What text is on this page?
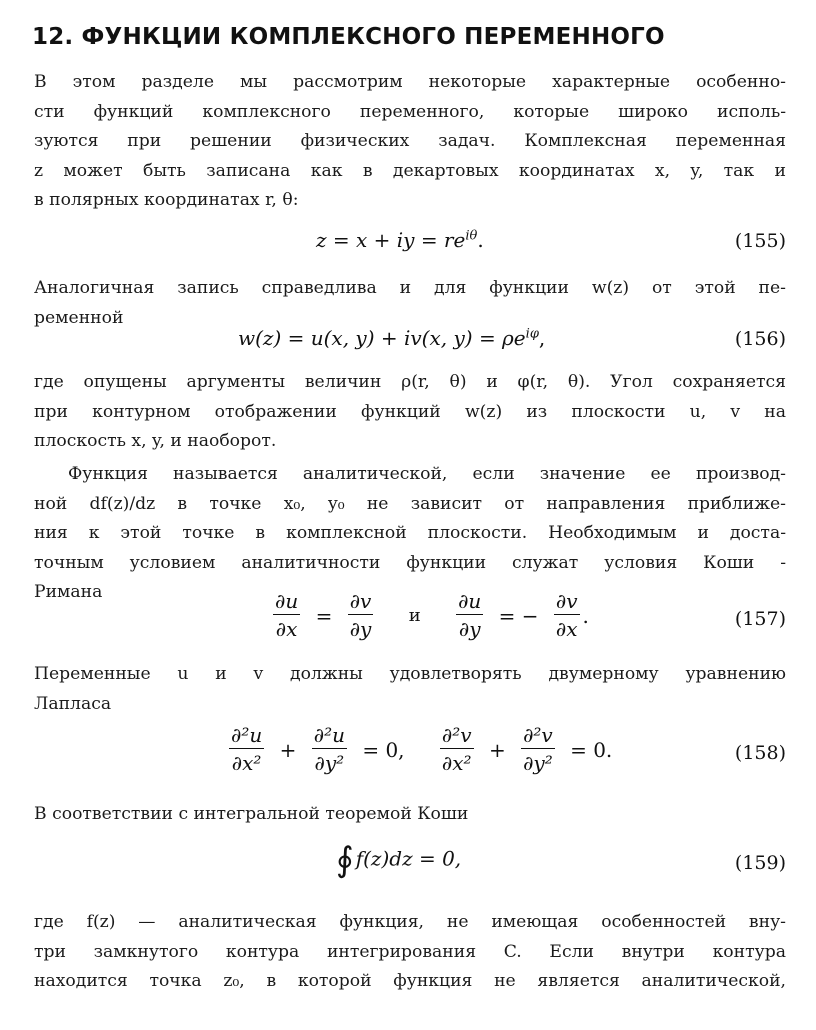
12. ФУНКЦИИ КОМПЛЕКСНОГО ПЕРЕМЕННОГО
В этом разделе мы рассмотрим некоторые характерные особенно-
сти функций комплексного переменного, которые широко исполь-
зуются при решении физических задач. Комплексная переменная
z может быть записана как в декартовых координатах x, y, так и
в полярных координатах r, θ:
z = x + iy = $re^{i\theta}$.	(155)
Аналогичная запись справедлива и для функции w(z) от этой пе-
ременной
w(z) = u(x, y) + iv(x, $y) = \rho e^{i\varphi}$,	(156)
где опущены аргументы величин ρ(r, θ) и φ(r, θ). Угол сохраняется
при контурном отображении функций w(z) из плоскости u, v на
плоскость x, y, и наоборот.
Функция называется аналитической, если значение ее производ-
ной df(z)/dz в точке x₀, y₀ не зависит от направления приближе-
ния к этой точке в комплексной плоскости. Необходимым и доста-
точным условием аналитичности функции служат условия Коши -
Римана	$\frac{\partial u}{\partial x} = \frac{\partial v}{\partial y}$ и $\frac{\partial u}{\partial y}$ = − $\frac{\partial v}{\partial x}$ .	(157)
Переменные u и v должны удовлетворять двумерному уравнению
Лапласа
$\frac{\text{∂²u}}{\text{∂x²}} + \frac{\text{∂²u}}{\text{∂y²}} = 0$, $\frac{\text{∂²v}}{\text{∂x²}} + \frac{\text{∂²v}}{\text{∂y²}} = 0$.	(158)
В соответствии с интегральной теоремой Коши
∮ f(z)dz = 0,	(159)
где f(z) — аналитическая функция, не имеющая особенностей вну-
три замкнутого контура интегрирования C. Если внутри контура
находится точка z₀, в которой функция не является аналитической,
